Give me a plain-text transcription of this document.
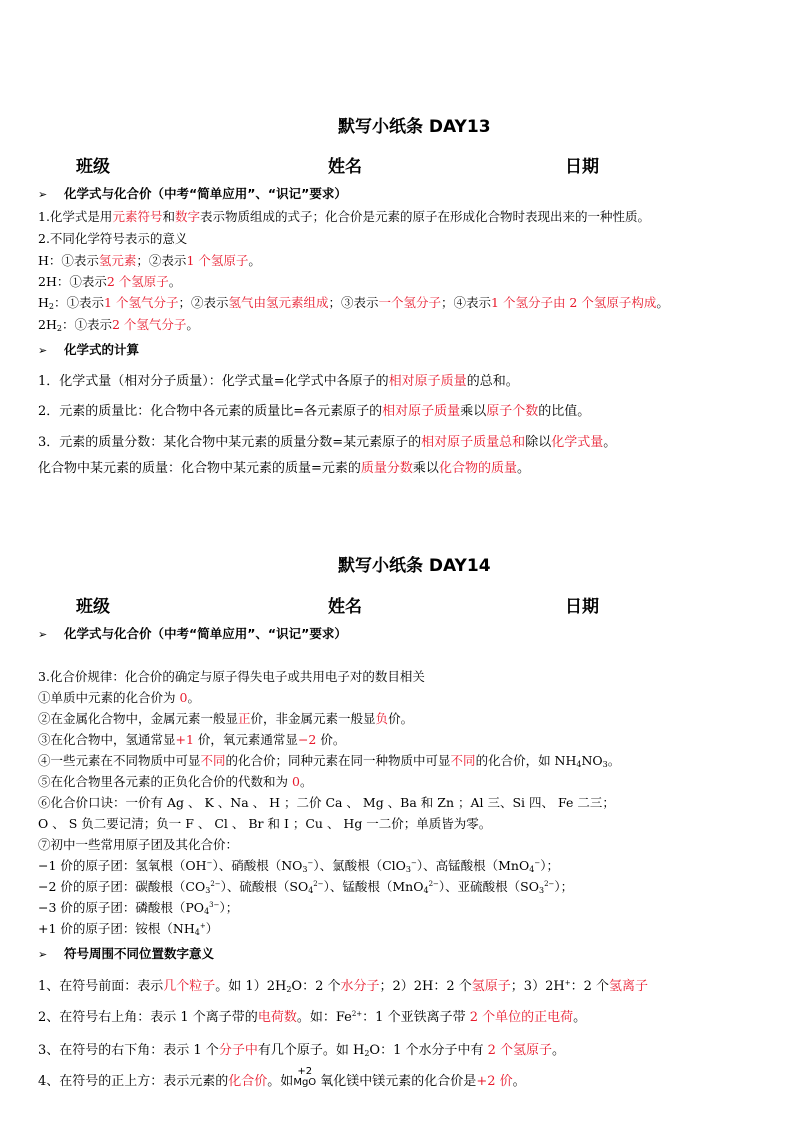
默写小纸条 DAY13
班级	姓名	日期
➢ 化学式与化合价（中考“简单应用”、“识记”要求）
1.化学式是用元素符号和数字表示物质组成的式子；化合价是元素的原子在形成化合物时表现出来的一种性质。
2.不同化学符号表示的意义
H：①表示氢元素；②表示1 个氢原子。
2H：①表示2 个氢原子。
$H_2$：①表示1 个氢气分子；②表示氢气由氢元素组成；③表示一个氢分子；④表示1 个氢分子由 2 个氢原子构成。
$2H_2$：①表示2 个氢气分子。
➢ 化学式的计算
1．化学式量（相对分子质量）：化学式量=化学式中各原子的相对原子质量的总和。
2．元素的质量比：化合物中各元素的质量比=各元素原子的相对原子质量乘以原子个数的比值。
3．元素的质量分数：某化合物中某元素的质量分数=某元素原子的相对原子质量总和除以化学式量。
化合物中某元素的质量：化合物中某元素的质量=元素的质量分数乘以化合物的质量。
默写小纸条 DAY14
班级	姓名	日期
➢ 化学式与化合价（中考“简单应用”、“识记”要求）
3.化合价规律：化合价的确定与原子得失电子或共用电子对的数目相关
①单质中元素的化合价为 0。
②在金属化合物中，金属元素一般显正价，非金属元素一般显负价。
③在化合物中，氢通常显+1 价，氧元素通常显−2 价。
④一些元素在不同物质中可显不同的化合价；同种元素在同一种物质中可显不同的化合价，如 $NH_4NO_3$。
⑤在化合物里各元素的正负化合价的代数和为 0。
⑥化合价口诀：一价有 Ag 、 K 、Na 、 H ；二价 Ca 、 Mg 、Ba 和 Zn ；Al 三、Si 四、 Fe 二三；
O 、 S 负二要记清；负一 F 、 Cl 、 Br 和 I ；Cu 、 Hg 一二价；单质皆为零。
⑦初中一些常用原子团及其化合价：
−1 价的原子团：氢氧根（OH−）、硝酸根$(NO_3^-)$、氯酸根（ClO$_3$−）、高锰酸根（MnO$_4$−）；
−2 价的原子团：碳酸根$(CO_3^{2-})$、硫酸根$(SO_4^{2-})$、锰酸根（MnO$_4^{2-}$）、亚硫酸根$(SO_3^{2-})$；
−3 价的原子团：磷酸根$(PO_4^{3-})$；
+1 价的原子团：铵根$(NH_4^+)$
➢ 符号周围不同位置数字意义
1、在符号前面：表示几个粒子。如 $1)2H_2O$：2 个水分子；2）2H：2 个氢原子；3）2H+：2 个氢离子
2、在符号右上角：表示 1 个离子带的电荷数。如：$Fe^{2+}$：1 个亚铁离子带 2 个单位的正电荷。
3、在符号的右下角：表示 1 个分子中有几个原子。如 $H_2O$：1 个水分子中有 2 个氢原子。
4、在符号的正上方：表示元素的化合价。如
+2
MgO 氧化镁中镁元素的化合价是+2 价。
